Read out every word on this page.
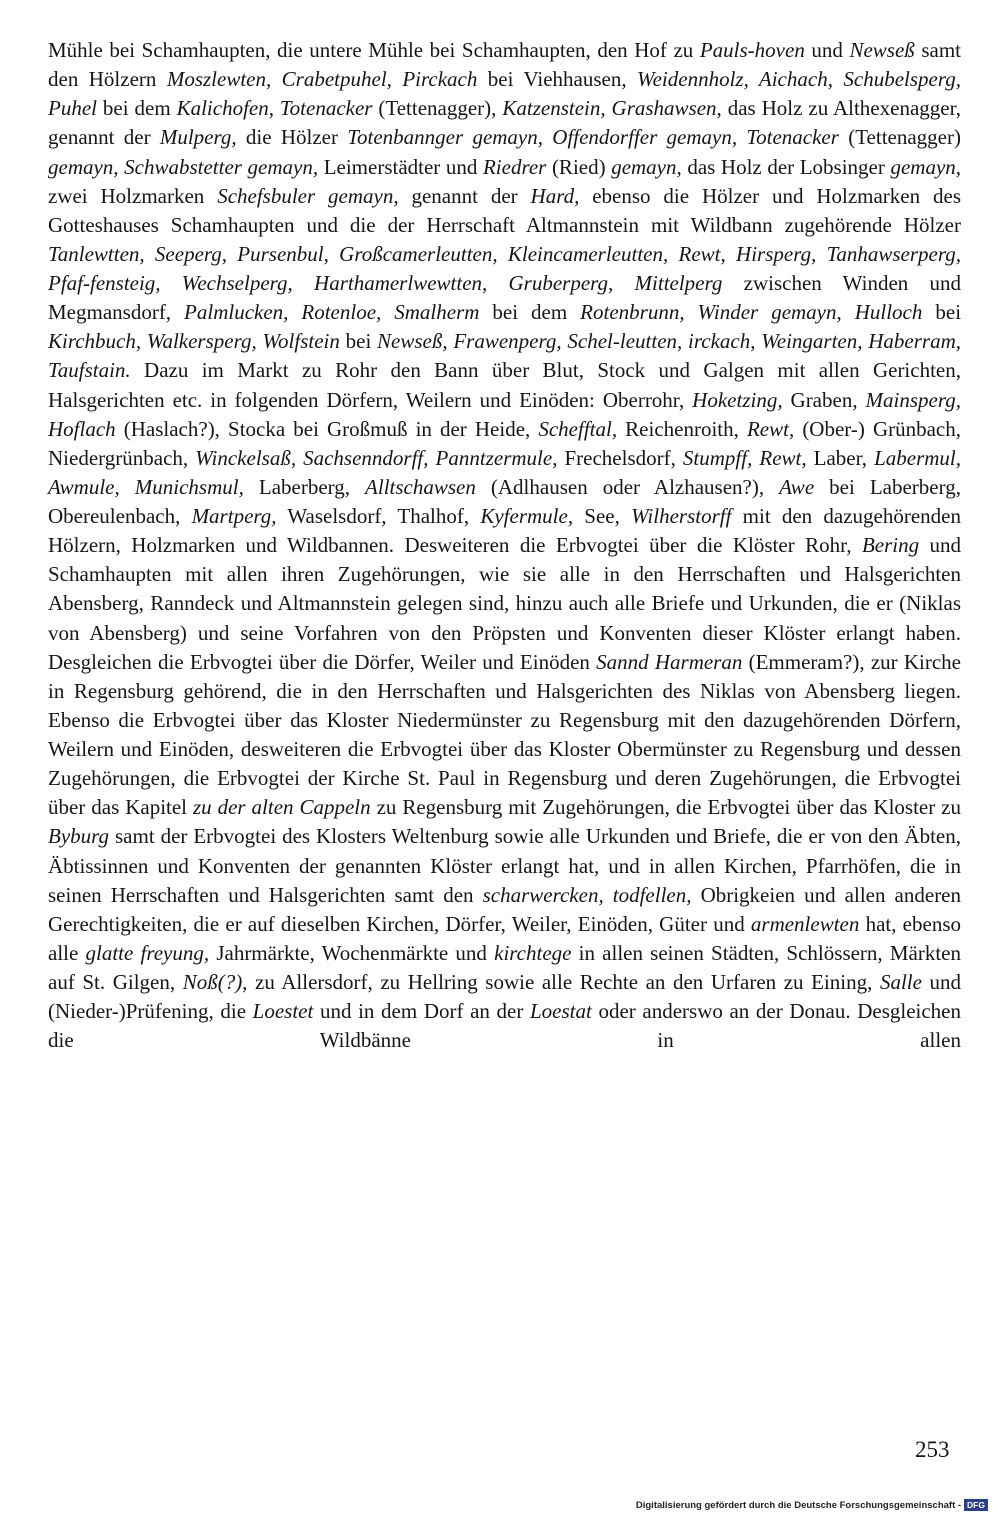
Mühle bei Schamhaupten, die untere Mühle bei Schamhaupten, den Hof zu Pauls-hoven und Newseß samt den Hölzern Moszlewten, Crabetpuhel, Pirckach bei Viehhausen, Weidennholz, Aichach, Schubelsperg, Puhel bei dem Kalichofen, Totenacker (Tettenagger), Katzenstein, Grashawsen, das Holz zu Althexenagger, genannt der Mulperg, die Hölzer Totenbannger gemayn, Offendorffer gemayn, Totenacker (Tettenagger) gemayn, Schwabstetter gemayn, Leimerstädter und Riedrer (Ried) gemayn, das Holz der Lobsinger gemayn, zwei Holzmarken Schefsbuler gemayn, genannt der Hard, ebenso die Hölzer und Holzmarken des Gotteshauses Schamhaupten und die der Herrschaft Altmannstein mit Wildbann zugehörende Hölzer Tanlewtten, Seeperg, Pursenbul, Großcamerleutten, Kleincamerleutten, Rewt, Hirsperg, Tanhawserperg, Pfaf-fensteig, Wechselperg, Harthamerlwewtten, Gruberperg, Mittelperg zwischen Winden und Megmansdorf, Palmlucken, Rotenloe, Smalherm bei dem Rotenbrunn, Winder gemayn, Hulloch bei Kirchbuch, Walkersperg, Wolfstein bei Newseß, Frawenperg, Schel-leutten, irckach, Weingarten, Haberram, Taufstain. Dazu im Markt zu Rohr den Bann über Blut, Stock und Galgen mit allen Gerichten, Halsgerichten etc. in folgenden Dörfern, Weilern und Einöden: Oberrohr, Hoketzing, Graben, Mainsperg, Hoflach (Haslach?), Stocka bei Großmuß in der Heide, Schefftal, Reichenroith, Rewt, (Ober-) Grünbach, Niedergrünbach, Winckelsaß, Sachsenndorff, Panntzermule, Frechelsdorf, Stumpff, Rewt, Laber, Labermul, Awmule, Munichsmul, Laberberg, Alltschawsen (Adlhausen oder Alzhausen?), Awe bei Laberberg, Obereulenbach, Martperg, Waselsdorf, Thalhof, Kyfermule, See, Wilherstorff mit den dazugehörenden Hölzern, Holzmarken und Wildbannen. Desweiteren die Erbvogtei über die Klöster Rohr, Bering und Schamhaupten mit allen ihren Zugehörungen, wie sie alle in den Herrschaften und Halsgerichten Abensberg, Ranndeck und Altmannstein gelegen sind, hinzu auch alle Briefe und Urkunden, die er (Niklas von Abensberg) und seine Vorfahren von den Pröpsten und Konventen dieser Klöster erlangt haben. Desgleichen die Erbvogtei über die Dörfer, Weiler und Einöden Sannd Harmeran (Emmeram?), zur Kirche in Regensburg gehörend, die in den Herrschaften und Halsgerichten des Niklas von Abensberg liegen. Ebenso die Erbvogtei über das Kloster Niedermünster zu Regensburg mit den dazugehörenden Dörfern, Weilern und Einöden, desweiteren die Erbvogtei über das Kloster Obermünster zu Regensburg und dessen Zugehörungen, die Erbvogtei der Kirche St. Paul in Regensburg und deren Zugehörungen, die Erbvogtei über das Kapitel zu der alten Cappeln zu Regensburg mit Zugehörungen, die Erbvogtei über das Kloster zu Byburg samt der Erbvogtei des Klosters Weltenburg sowie alle Urkunden und Briefe, die er von den Äbten, Äbtissinnen und Konventen der genannten Klöster erlangt hat, und in allen Kirchen, Pfarrhöfen, die in seinen Herrschaften und Halsgerichten samt den scharwercken, todfellen, Obrigkeien und allen anderen Gerechtigkeiten, die er auf dieselben Kirchen, Dörfer, Weiler, Einöden, Güter und armenlewten hat, ebenso alle glatte freyung, Jahrmärkte, Wochenmärkte und kirchtege in allen seinen Städten, Schlössern, Märkten auf St. Gilgen, Noß(?), zu Allersdorf, zu Hellring sowie alle Rechte an den Urfaren zu Eining, Salle und (Nieder-)Prüfening, die Loestet und in dem Dorf an der Loestat oder anderswo an der Donau. Desgleichen die Wildbänne in allen

253
Digitalisierung gefördert durch die Deutsche Forschungsgemeinschaft - DFG
